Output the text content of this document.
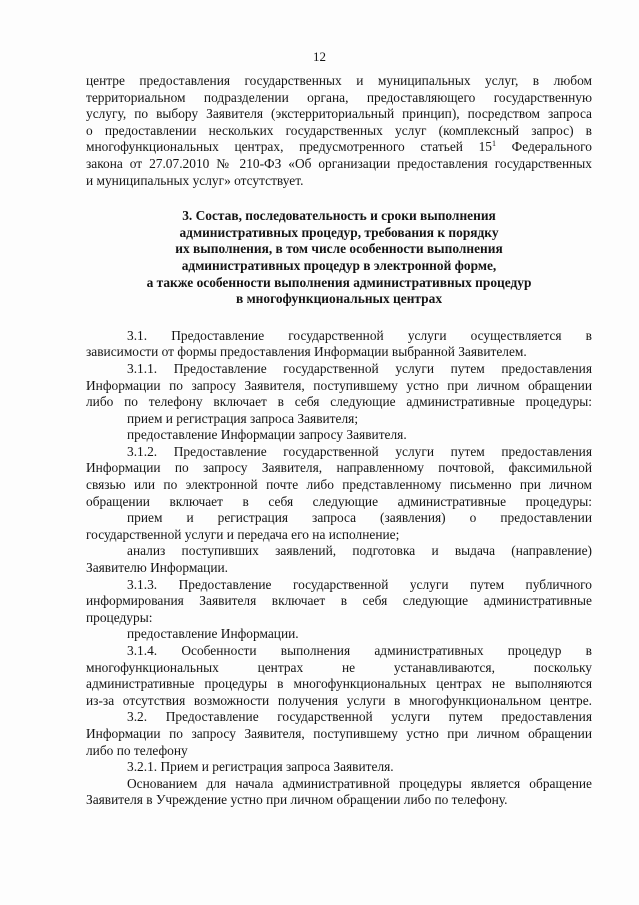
12
центре предоставления государственных и муниципальных услуг, в любом
территориальном подразделении органа, предоставляющего государственную
услугу, по выбору Заявителя (экстерриториальный принцип), посредством запроса
о предоставлении нескольких государственных услуг (комплексный запрос) в
многофункциональных центрах, предусмотренного статьей $15^1$ Федерального
закона от 27.07.2010 № 210-ФЗ «Об организации предоставления государственных
и муниципальных услуг» отсутствует.
3. Состав, последовательность и сроки выполнения
административных процедур, требования к порядку
их выполнения, в том числе особенности выполнения
административных процедур в электронной форме,
а также особенности выполнения административных процедур
в многофункциональных центрах
3.1. Предоставление государственной услуги осуществляется в
зависимости от формы предоставления Информации выбранной Заявителем.
3.1.1. Предоставление государственной услуги путем предоставления
Информации по запросу Заявителя, поступившему устно при личном обращении
либо по телефону включает в себя следующие административные процедуры:
прием и регистрация запроса Заявителя;
предоставление Информации запросу Заявителя.
3.1.2. Предоставление государственной услуги путем предоставления
Информации по запросу Заявителя, направленному почтовой, факсимильной
связью или по электронной почте либо представленному письменно при личном
обращении включает в себя следующие административные процедуры:
прием и регистрация запроса (заявления) о предоставлении
государственной услуги и передача его на исполнение;
анализ поступивших заявлений, подготовка и выдача (направление)
Заявителю Информации.
3.1.3. Предоставление государственной услуги путем публичного
информирования Заявителя включает в себя следующие административные
процедуры:
предоставление Информации.
3.1.4. Особенности выполнения административных процедур в
многофункциональных центрах не устанавливаются, поскольку
административные процедуры в многофункциональных центрах не выполняются
из-за отсутствия возможности получения услуги в многофункциональном центре.
3.2. Предоставление государственной услуги путем предоставления
Информации по запросу Заявителя, поступившему устно при личном обращении
либо по телефону
3.2.1. Прием и регистрация запроса Заявителя.
Основанием для начала административной процедуры является обращение
Заявителя в Учреждение устно при личном обращении либо по телефону.
